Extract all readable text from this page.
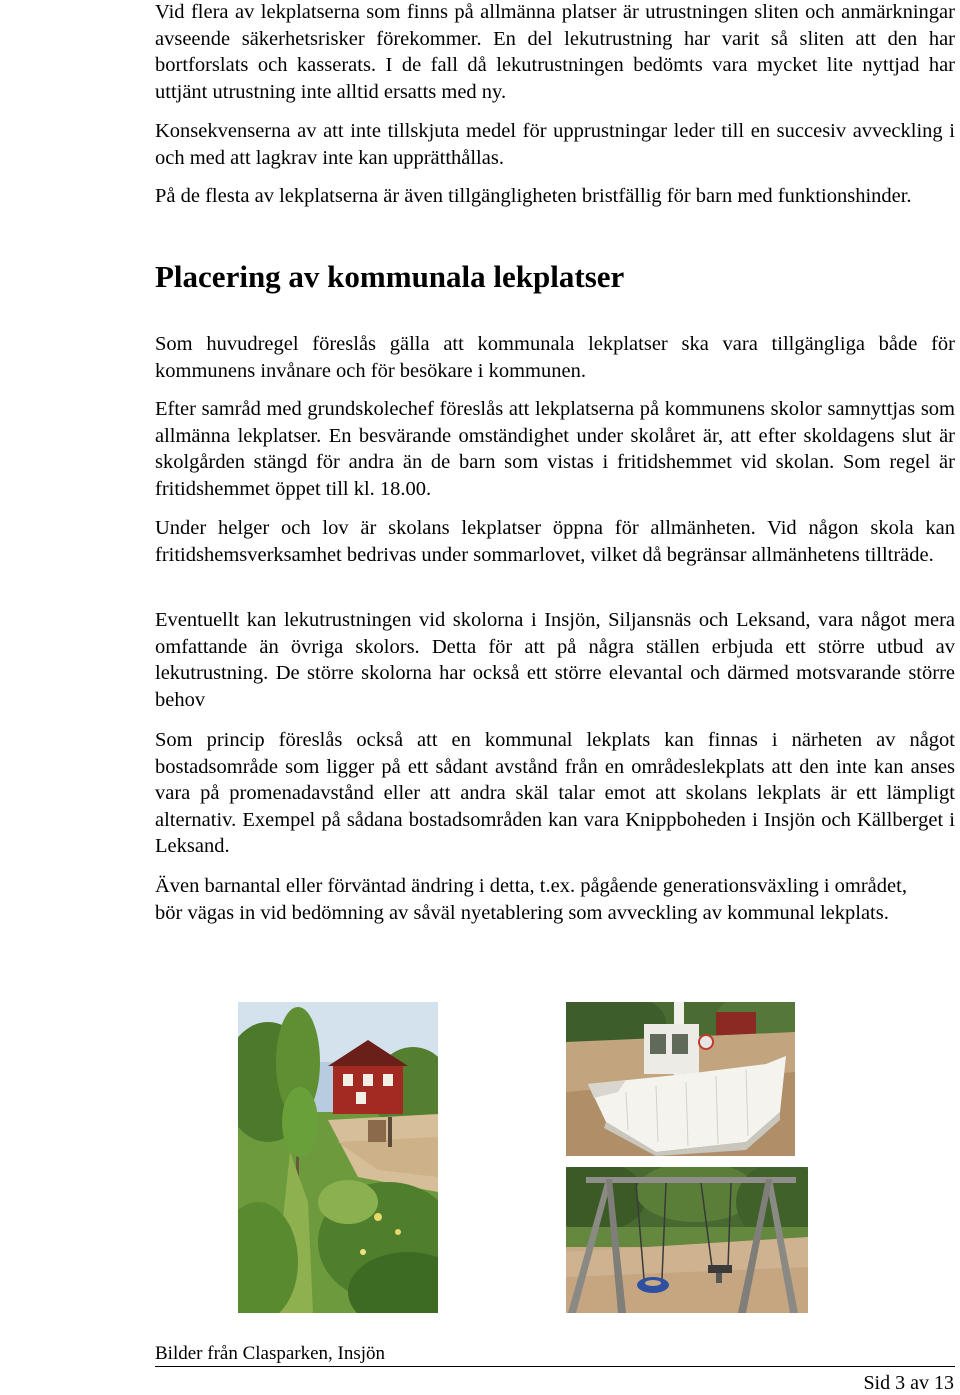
Vid flera av lekplatserna som finns på allmänna platser är utrustningen sliten och anmärkningar avseende säkerhetsrisker förekommer. En del lekutrustning har varit så sliten att den har bortforslats och kasserats. I de fall då lekutrustningen bedömts vara mycket lite nyttjad har uttjänt utrustning inte alltid ersatts med ny.

Konsekvenserna av att inte tillskjuta medel för upprustningar leder till en succesiv avveckling i och med att lagkrav inte kan upprätthållas.

På de flesta av lekplatserna är även tillgängligheten bristfällig för barn med funktionshinder.

Placering av kommunala lekplatser

Som huvudregel föreslås gälla att kommunala lekplatser ska vara tillgängliga både för kommunens invånare och för besökare i kommunen.

Efter samråd med grundskolechef föreslås att lekplatserna på kommunens skolor samnyttjas som allmänna lekplatser. En besvärande omständighet under skolåret är, att efter skoldagens slut är skolgården stängd för andra än de barn som vistas i fritidshemmet vid skolan. Som regel är fritidshemmet öppet till kl. 18.00.

Under helger och lov är skolans lekplatser öppna för allmänheten. Vid någon skola kan fritidshemsverksamhet bedrivas under sommarlovet, vilket då begränsar allmänhetens tillträde.

Eventuellt kan lekutrustningen vid skolorna i Insjön, Siljansnäs och Leksand, vara något mera omfattande än övriga skolors. Detta för att på några ställen erbjuda ett större utbud av lekutrustning. De större skolorna har också ett större elevantal och därmed motsvarande större behov

Som princip föreslås också att en kommunal lekplats kan finnas i närheten av något bostadsområde som ligger på ett sådant avstånd från en områdeslekplats att den inte kan anses vara på promenadavstånd eller att andra skäl talar emot att skolans lekplats är ett lämpligt alternativ. Exempel på sådana bostadsområden kan vara Knippboheden i Insjön och Källberget i Leksand.

Även barnantal eller förväntad ändring i detta, t.ex. pågående generationsväxling i området, bör vägas in vid bedömning av såväl nyetablering som avveckling av kommunal lekplats.

Bilder från Clasparken, Insjön
Sid 3 av 13
